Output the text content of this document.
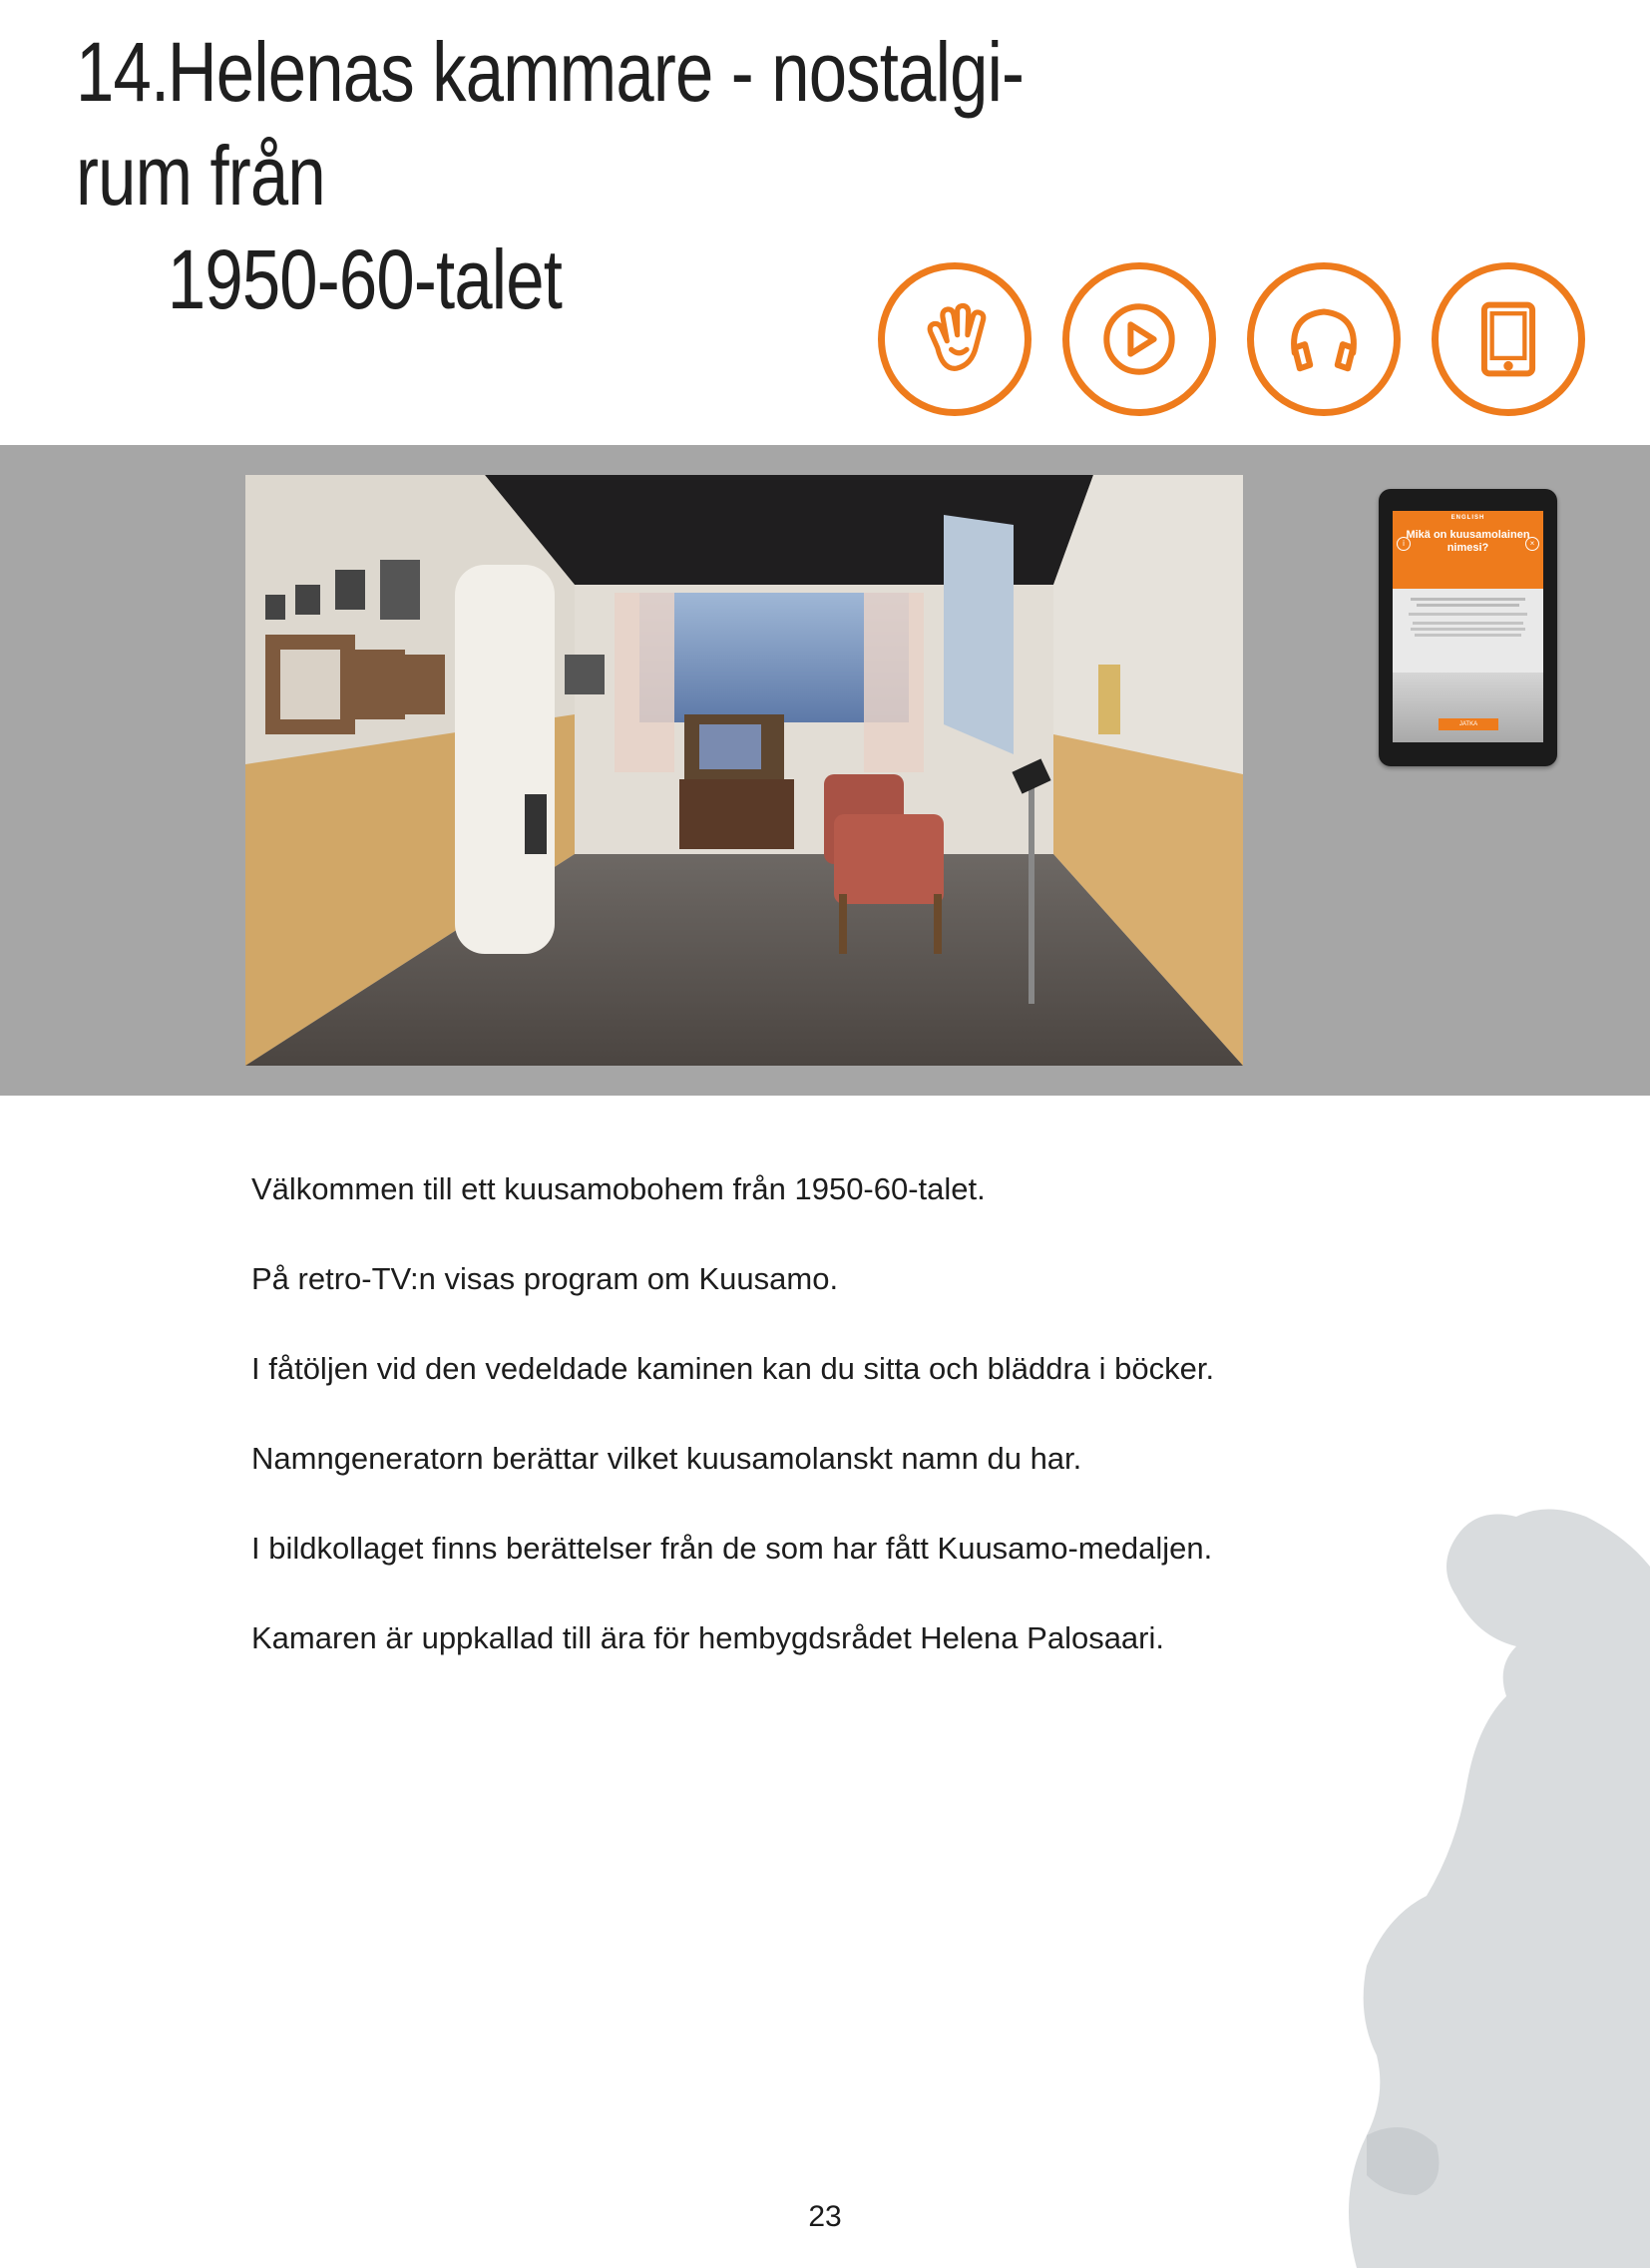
14.Helenas kammare - nostalgi-rum från
1950-60-talet
ENGLISH
Mikä on kuusamolainen nimesi?
i	×
JATKA

Välkommen till ett kuusamobohem från 1950-60-talet.

På retro-TV:n visas program om Kuusamo.

I fåtöljen vid den vedeldade kaminen kan du sitta och bläddra i böcker.

Namngeneratorn berättar vilket kuusamolanskt namn du har.

I bildkollaget finns berättelser från de som har fått Kuusamo-medaljen.

Kamaren är uppkallad till ära för hembygdsrådet Helena Palosaari.

23
